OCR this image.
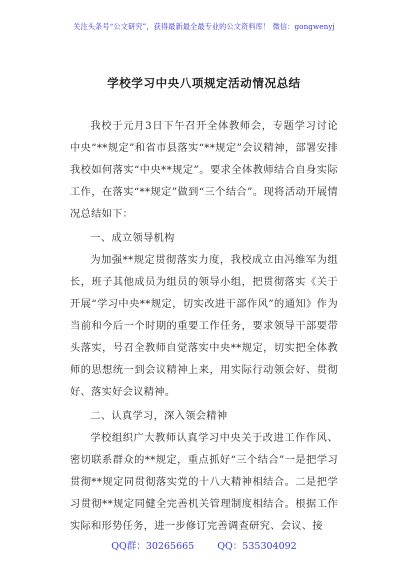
关注头条号“公文研究”，获得最新最全最专业的公文资料库！ 微信：gongwenyj
学校学习中央八项规定活动情况总结

我校于元月3日下午召开全体教师会，专题学习讨论中央“**规定”和省市县落实“**规定”会议精神，部署安排我校如何落实“中央**规定”。要求全体教师结合自身实际工作，在落实“**规定”做到“三个结合”。现将活动开展情况总结如下：

一、成立领导机构

为加强**规定贯彻落实力度，我校成立由冯维军为组长，班子其他成员为组员的领导小组，把贯彻落实《关于开展“学习中央**规定，切实改进干部作风”的通知》作为当前和今后一个时期的重要工作任务，要求领导干部要带头落实，号召全教师自觉落实中央**规定，切实把全体教师的思想统一到会议精神上来，用实际行动领会好、贯彻好、落实好会议精神。

二、认真学习，深入领会精神

学校组织广大教师认真学习中央关于改进工作作风、密切联系群众的**规定，重点抓好“三个结合”一是把学习贯彻**规定同贯彻落实党的十八大精神相结合。二是把学习贯彻**规定同健全完善机关管理制度相结合。根据工作实际和形势任务，进一步修订完善调查研究、会议、接

QQ群：30265665 QQ：535304092
